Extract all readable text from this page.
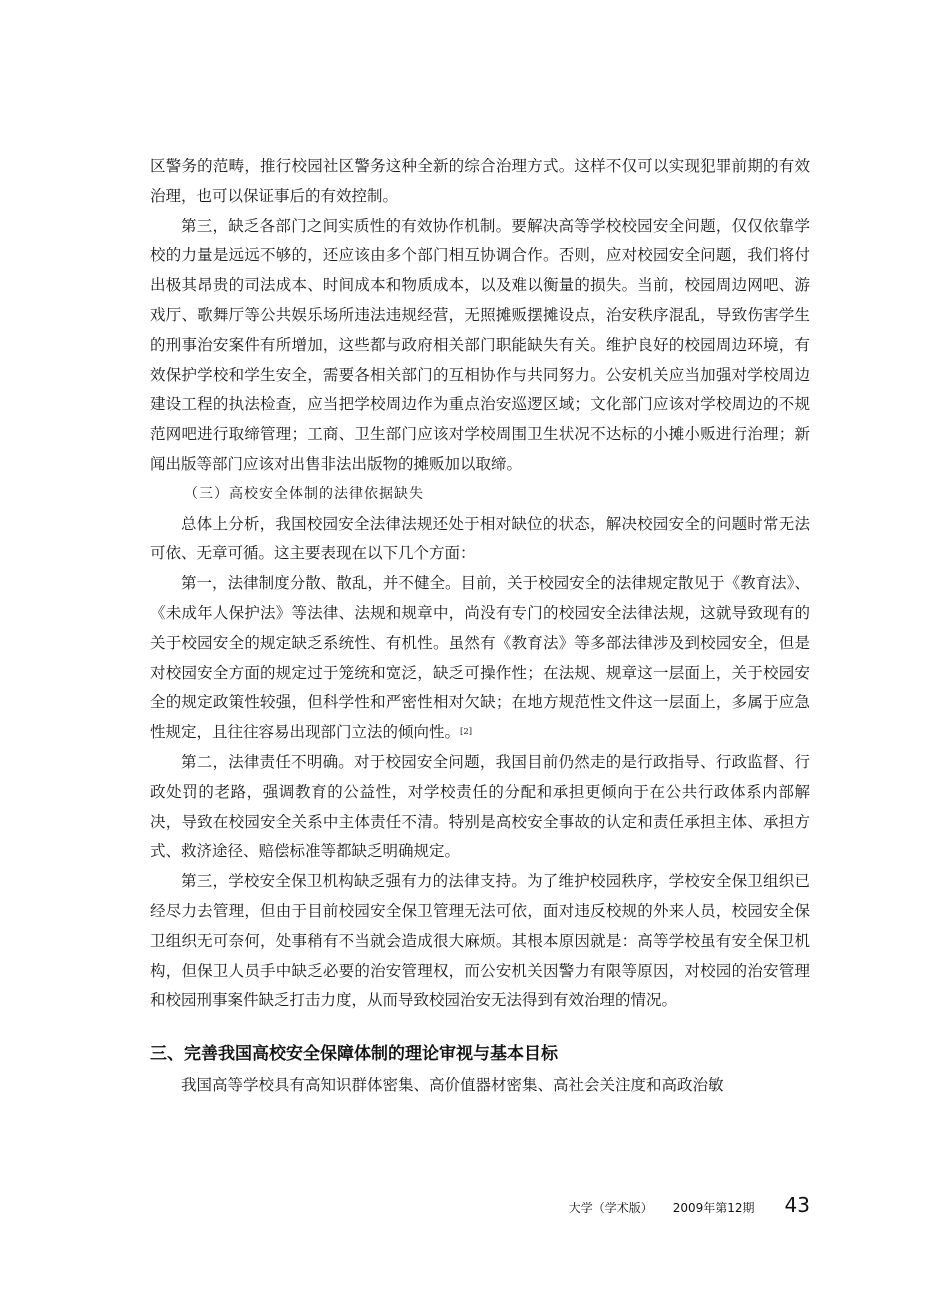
区警务的范畴，推行校园社区警务这种全新的综合治理方式。这样不仅可以实现犯罪前期的有效治理，也可以保证事后的有效控制。

第三，缺乏各部门之间实质性的有效协作机制。要解决高等学校校园安全问题，仅仅依靠学校的力量是远远不够的，还应该由多个部门相互协调合作。否则，应对校园安全问题，我们将付出极其昂贵的司法成本、时间成本和物质成本，以及难以衡量的损失。当前，校园周边网吧、游戏厅、歌舞厅等公共娱乐场所违法违规经营，无照摊贩摆摊设点，治安秩序混乱，导致伤害学生的刑事治安案件有所增加，这些都与政府相关部门职能缺失有关。维护良好的校园周边环境，有效保护学校和学生安全，需要各相关部门的互相协作与共同努力。公安机关应当加强对学校周边建设工程的执法检查，应当把学校周边作为重点治安巡逻区域；文化部门应该对学校周边的不规范网吧进行取缔管理；工商、卫生部门应该对学校周围卫生状况不达标的小摊小贩进行治理；新闻出版等部门应该对出售非法出版物的摊贩加以取缔。

（三）高校安全体制的法律依据缺失

总体上分析，我国校园安全法律法规还处于相对缺位的状态，解决校园安全的问题时常无法可依、无章可循。这主要表现在以下几个方面：

第一，法律制度分散、散乱，并不健全。目前，关于校园安全的法律规定散见于《教育法》、《未成年人保护法》等法律、法规和规章中，尚没有专门的校园安全法律法规，这就导致现有的关于校园安全的规定缺乏系统性、有机性。虽然有《教育法》等多部法律涉及到校园安全，但是对校园安全方面的规定过于笼统和宽泛，缺乏可操作性；在法规、规章这一层面上，关于校园安全的规定政策性较强，但科学性和严密性相对欠缺；在地方规范性文件这一层面上，多属于应急性规定，且往往容易出现部门立法的倾向性。[2]

第二，法律责任不明确。对于校园安全问题，我国目前仍然走的是行政指导、行政监督、行政处罚的老路，强调教育的公益性，对学校责任的分配和承担更倾向于在公共行政体系内部解决，导致在校园安全关系中主体责任不清。特别是高校安全事故的认定和责任承担主体、承担方式、救济途径、赔偿标准等都缺乏明确规定。

第三，学校安全保卫机构缺乏强有力的法律支持。为了维护校园秩序，学校安全保卫组织已经尽力去管理，但由于目前校园安全保卫管理无法可依，面对违反校规的外来人员，校园安全保卫组织无可奈何，处事稍有不当就会造成很大麻烦。其根本原因就是：高等学校虽有安全保卫机构，但保卫人员手中缺乏必要的治安管理权，而公安机关因警力有限等原因，对校园的治安管理和校园刑事案件缺乏打击力度，从而导致校园治安无法得到有效治理的情况。

三、完善我国高校安全保障体制的理论审视与基本目标

我国高等学校具有高知识群体密集、高价值器材密集、高社会关注度和高政治敏

大学（学术版） 2009年第12期 43
